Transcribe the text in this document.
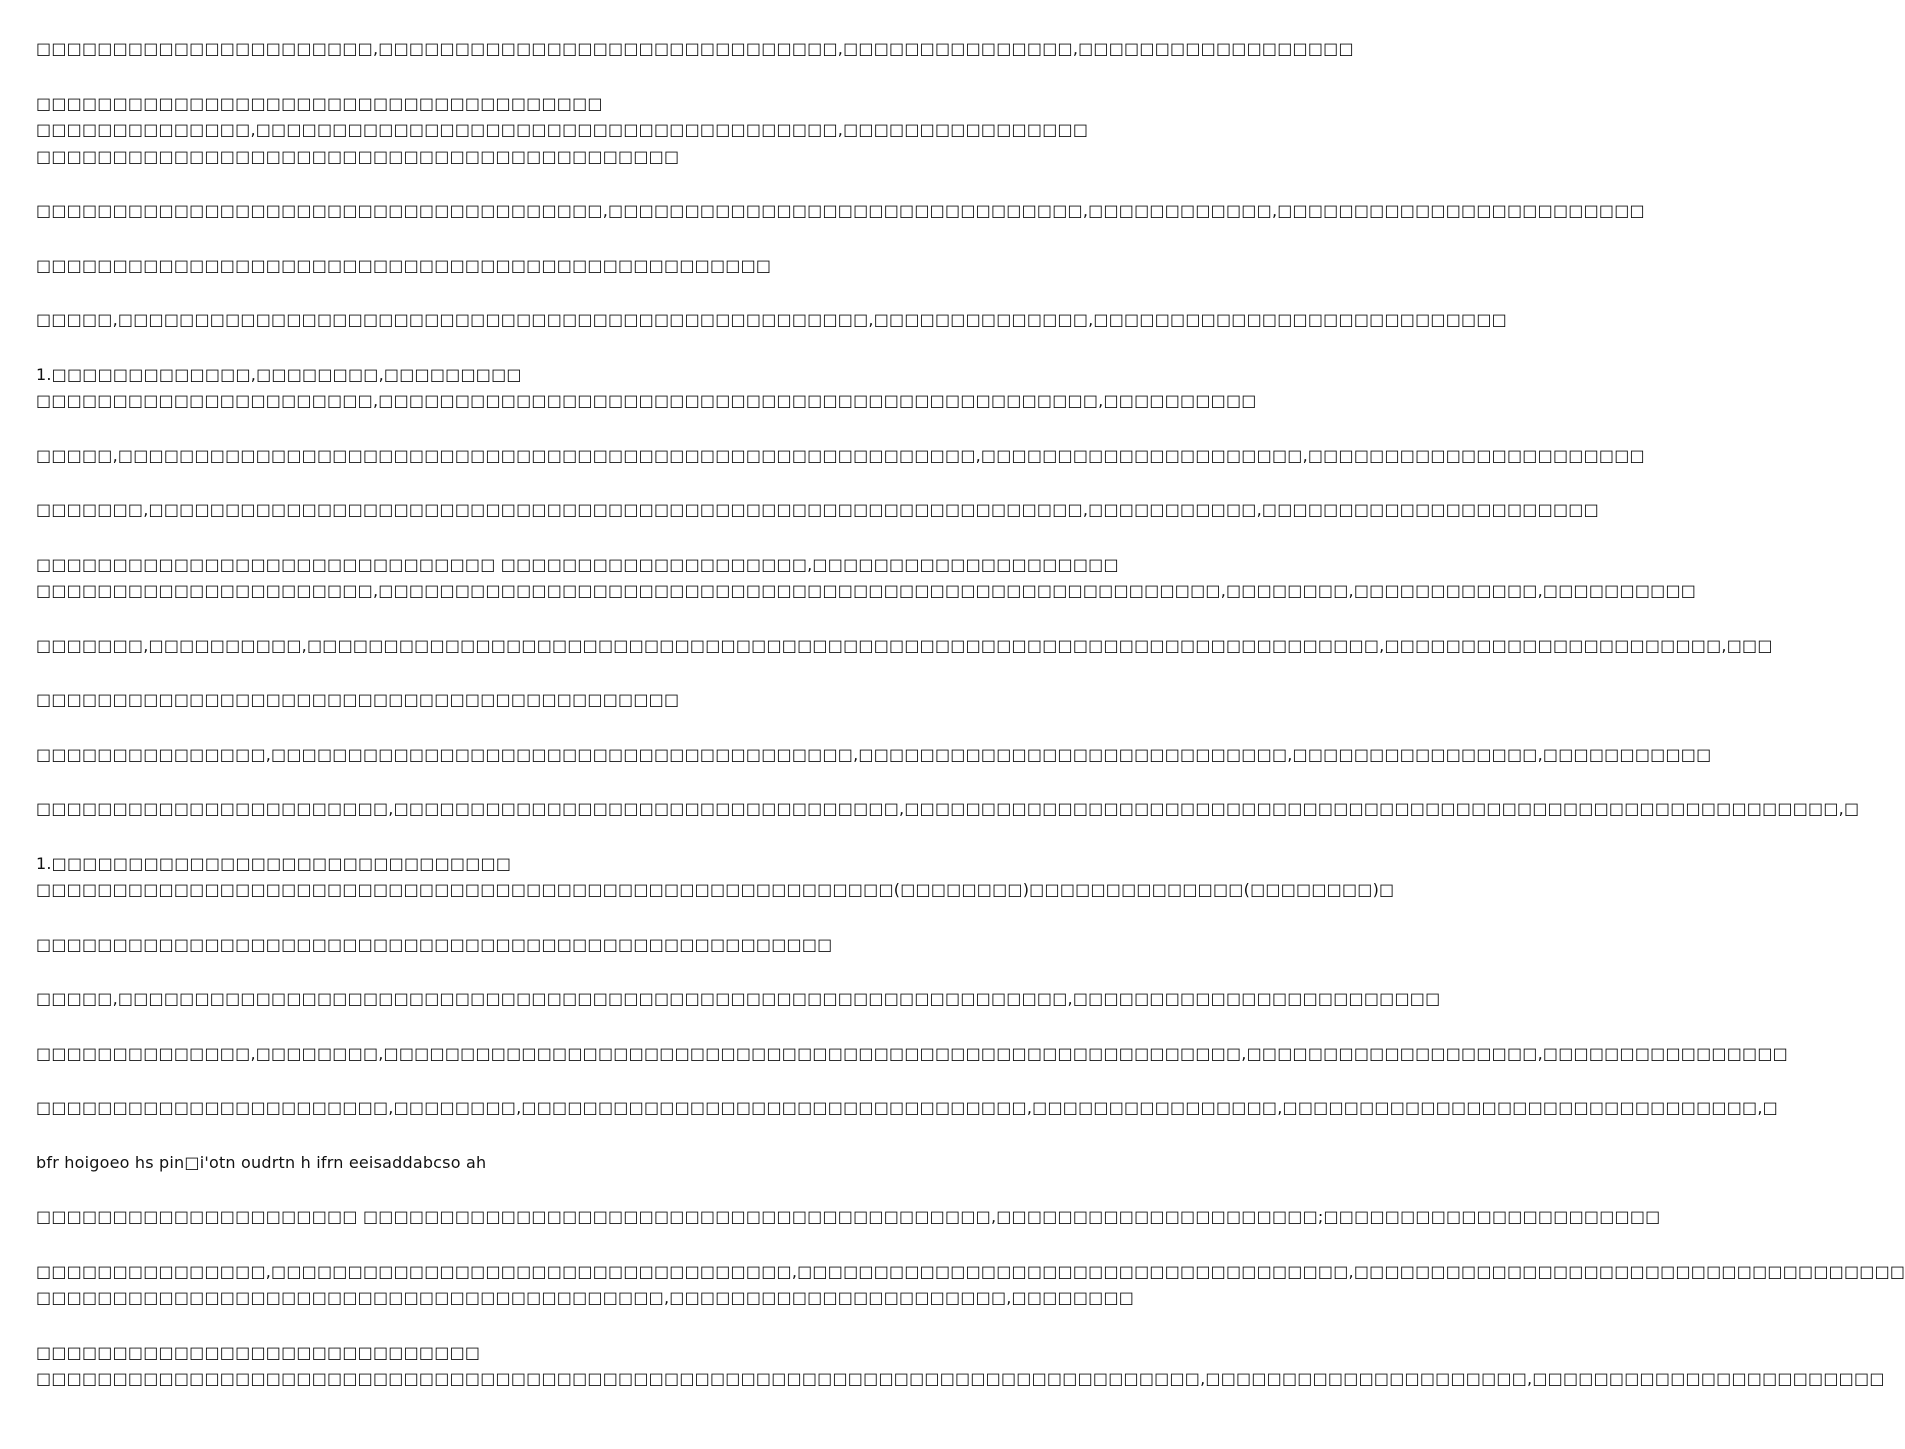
□□□□□□□□□□□□□□□□□□□□□□,□□□□□□□□□□□□□□□□□□□□□□□□□□□□□□,□□□□□□□□□□□□□□□,□□□□□□□□□□□□□□□□□□
□□□□□□□□□□□□□□□□□□□□□□□□□□□□□□□□□□□□□
□□□□□□□□□□□□□□,□□□□□□□□□□□□□□□□□□□□□□□□□□□□□□□□□□□□□□,□□□□□□□□□□□□□□□□
□□□□□□□□□□□□□□□□□□□□□□□□□□□□□□□□□□□□□□□□□□
□□□□□□□□□□□□□□□□□□□□□□□□□□□□□□□□□□□□□,□□□□□□□□□□□□□□□□□□□□□□□□□□□□□□□,□□□□□□□□□□□□,□□□□□□□□□□□□□□□□□□□□□□□□
□□□□□□□□□□□□□□□□□□□□□□□□□□□□□□□□□□□□□□□□□□□□□□□□
□□□□□,□□□□□□□□□□□□□□□□□□□□□□□□□□□□□□□□□□□□□□□□□□□□□□□□□,□□□□□□□□□□□□□□,□□□□□□□□□□□□□□□□□□□□□□□□□□□
1.□□□□□□□□□□□□□,□□□□□□□□,□□□□□□□□□
□□□□□□□□□□□□□□□□□□□□□□,□□□□□□□□□□□□□□□□□□□□□□□□□□□□□□□□□□□□□□□□□□□□□□□,□□□□□□□□□□
□□□□□,□□□□□□□□□□□□□□□□□□□□□□□□□□□□□□□□□□□□□□□□□□□□□□□□□□□□□□□□,□□□□□□□□□□□□□□□□□□□□□,□□□□□□□□□□□□□□□□□□□□□□
□□□□□□□,□□□□□□□□□□□□□□□□□□□□□□□□□□□□□□□□□□□□□□□□□□□□□□□□□□□□□□□□□□□□□,□□□□□□□□□□□,□□□□□□□□□□□□□□□□□□□□□□
□□□□□□□□□□□□□□□□□□□□□□□□□□□□□□ □□□□□□□□□□□□□□□□□□□□,□□□□□□□□□□□□□□□□□□□□
□□□□□□□□□□□□□□□□□□□□□□,□□□□□□□□□□□□□□□□□□□□□□□□□□□□□□□□□□□□□□□□□□□□□□□□□□□□□□□,□□□□□□□□,□□□□□□□□□□□□,□□□□□□□□□□
□□□□□□□,□□□□□□□□□□,□□□□□□□□□□□□□□□□□□□□□□□□□□□□□□□□□□□□□□□□□□□□□□□□□□□□□□□□□□□□□□□□□□□□□□,□□□□□□□□□□□□□□□□□□□□□□,□□□
□□□□□□□□□□□□□□□□□□□□□□□□□□□□□□□□□□□□□□□□□□
□□□□□□□□□□□□□□□,□□□□□□□□□□□□□□□□□□□□□□□□□□□□□□□□□□□□□□,□□□□□□□□□□□□□□□□□□□□□□□□□□□□,□□□□□□□□□□□□□□□□,□□□□□□□□□□□
□□□□□□□□□□□□□□□□□□□□□□□,□□□□□□□□□□□□□□□□□□□□□□□□□□□□□□□□□,□□□□□□□□□□□□□□□□□□□□□□□□□□□□□□□□□□□□□□□□□□□□□□□□□□□□□□□□□□□□□,□
1.□□□□□□□□□□□□□□□□□□□□□□□□□□□□□□
□□□□□□□□□□□□□□□□□□□□□□□□□□□□□□□□□□□□□□□□□□□□□□□□□□□□□□□□(□□□□□□□□)□□□□□□□□□□□□□□(□□□□□□□□)□
□□□□□□□□□□□□□□□□□□□□□□□□□□□□□□□□□□□□□□□□□□□□□□□□□□□□
□□□□□,□□□□□□□□□□□□□□□□□□□□□□□□□□□□□□□□□□□□□□□□□□□□□□□□□□□□□□□□□□□□□□,□□□□□□□□□□□□□□□□□□□□□□□□
□□□□□□□□□□□□□□,□□□□□□□□,□□□□□□□□□□□□□□□□□□□□□□□□□□□□□□□□□□□□□□□□□□□□□□□□□□□□□□□□,□□□□□□□□□□□□□□□□□□□,□□□□□□□□□□□□□□□□
□□□□□□□□□□□□□□□□□□□□□□□,□□□□□□□□,□□□□□□□□□□□□□□□□□□□□□□□□□□□□□□□□□,□□□□□□□□□□□□□□□□,□□□□□□□□□□□□□□□□□□□□□□□□□□□□□□□,□
bfr hoigoeo hs pin□i'otn oudrtn h ifrn eeisaddabcso ah
□□□□□□□□□□□□□□□□□□□□□ □□□□□□□□□□□□□□□□□□□□□□□□□□□□□□□□□□□□□□□□□,□□□□□□□□□□□□□□□□□□□□□;□□□□□□□□□□□□□□□□□□□□□□
□□□□□□□□□□□□□□□,□□□□□□□□□□□□□□□□□□□□□□□□□□□□□□□□□□,□□□□□□□□□□□□□□□□□□□□□□□□□□□□□□□□□□□□,□□□□□□□□□□□□□□□□□□□□□□□□□□□□□□□□□□□□
□□□□□□□□□□□□□□□□□□□□□□□□□□□□□□□□□□□□□□□□□,□□□□□□□□□□□□□□□□□□□□□□,□□□□□□□□
□□□□□□□□□□□□□□□□□□□□□□□□□□□□□
□□□□□□□□□□□□□□□□□□□□□□□□□□□□□□□□□□□□□□□□□□□□□□□□□□□□□□□□□□□□□□□□□□□□□□□□□□□□,□□□□□□□□□□□□□□□□□□□□□,□□□□□□□□□□□□□□□□□□□□□□□
